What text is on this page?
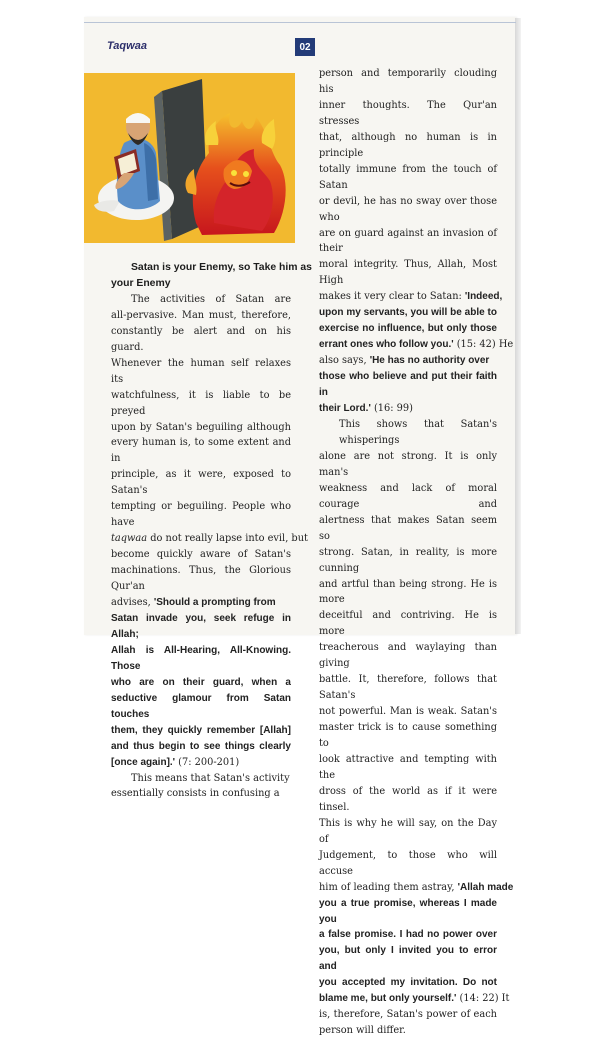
Taqwaa	02
Satan is your Enemy, so Take him as
your Enemy
The activities of Satan are
all-pervasive. Man must, therefore,
constantly be alert and on his guard.
Whenever the human self relaxes its
watchfulness, it is liable to be preyed
upon by Satan's beguiling although
every human is, to some extent and in
principle, as it were, exposed to Satan's
tempting or beguiling. People who have
taqwaa do not really lapse into evil, but
become quickly aware of Satan's
machinations. Thus, the Glorious Qur'an
advises, 'Should a prompting from
Satan invade you, seek refuge in Allah;
Allah is All-Hearing, All-Knowing. Those
who are on their guard, when a
seductive glamour from Satan touches
them, they quickly remember [Allah]
and thus begin to see things clearly
[once again].' (7: 200-201)
This means that Satan's activity
essentially consists in confusing a
person and temporarily clouding his
inner thoughts. The Qur'an stresses
that, although no human is in principle
totally immune from the touch of Satan
or devil, he has no sway over those who
are on guard against an invasion of their
moral integrity. Thus, Allah, Most High
makes it very clear to Satan: 'Indeed,
upon my servants, you will be able to
exercise no influence, but only those
errant ones who follow you.' (15: 42) He
also says, 'He has no authority over
those who believe and put their faith in
their Lord.' (16: 99)
This shows that Satan's whisperings
alone are not strong. It is only man's
weakness and lack of moral courage and
alertness that makes Satan seem so
strong. Satan, in reality, is more cunning
and artful than being strong. He is more
deceitful and contriving. He is more
treacherous and waylaying than giving
battle. It, therefore, follows that Satan's
not powerful. Man is weak. Satan's
master trick is to cause something to
look attractive and tempting with the
dross of the world as if it were tinsel.
This is why he will say, on the Day of
Judgement, to those who will accuse
him of leading them astray, 'Allah made
you a true promise, whereas I made you
a false promise. I had no power over
you, but only I invited you to error and
you accepted my invitation. Do not
blame me, but only yourself.' (14: 22) It
is, therefore, Satan's power of each
person will differ.
